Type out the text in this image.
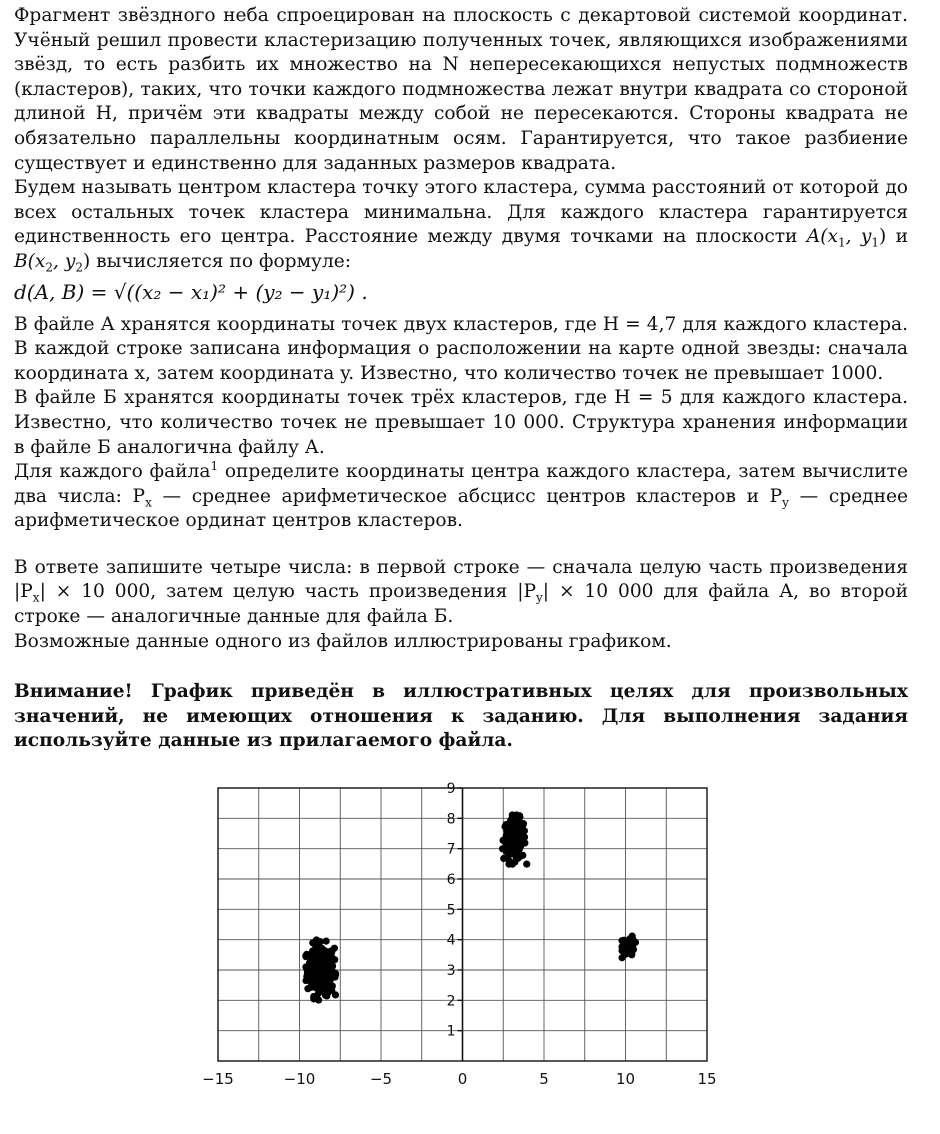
Фрагмент звёздного неба спроецирован на плоскость с декартовой системой координат. Учёный решил провести кластеризацию полученных точек, являющихся изображениями звёзд, то есть разбить их множество на N непересекающихся непустых подмножеств (кластеров), таких, что точки каждого подмножества лежат внутри квадрата со стороной длиной H, причём эти квадраты между собой не пересекаются. Стороны квадрата не обязательно параллельны координатным осям. Гарантируется, что такое разбиение существует и единственно для заданных размеров квадрата.

Будем называть центром кластера точку этого кластера, сумма расстояний от которой до всех остальных точек кластера минимальна. Для каждого кластера гарантируется единственность его центра. Расстояние между двумя точками на плоскости $A(x_1$, $y_1$) и $B(x_2$, $y_2$) вычисляется по формуле:

d(A, B) = √((x₂ − x₁)² + (y₂ − y₁)²) .

В файле А хранятся координаты точек двух кластеров, где H = 4,7 для каждого кластера. В каждой строке записана информация о расположении на карте одной звезды: сначала координата x, затем координата y. Известно, что количество точек не превышает 1000.

В файле Б хранятся координаты точек трёх кластеров, где H = 5 для каждого кластера. Известно, что количество точек не превышает 10 000. Структура хранения информации в файле Б аналогична файлу А.

Для каждого файла$^1$ определите координаты центра каждого кластера, затем вычислите два числа: $P_x$ — среднее арифметическое абсцисс центров кластеров и $P_y$ — среднее арифметическое ординат центров кластеров.

В ответе запишите четыре числа: в первой строке — сначала целую часть произведения $|P_x| \times 10$ 000, затем целую часть произведения $|P_y| \times 10$ 000 для файла А, во второй строке — аналогичные данные для файла Б.

Возможные данные одного из файлов иллюстрированы графиком.

Внимание! График приведён в иллюстративных целях для произвольных значений, не имеющих отношения к заданию. Для выполнения задания используйте данные из прилагаемого файла.

−15	−10	−5	0	5	10	15
1
2
3
4
5
6
7
8
9
